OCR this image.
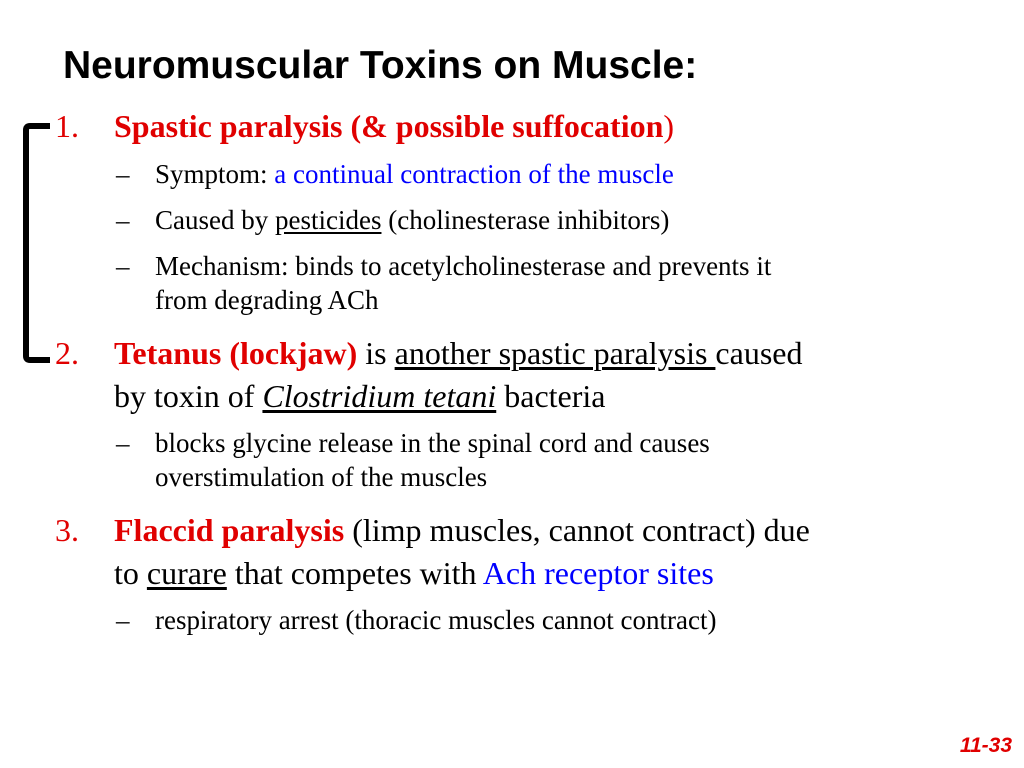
Neuromuscular Toxins on Muscle:
1. Spastic paralysis (& possible suffocation)
– Symptom: a continual contraction of the muscle
– Caused by pesticides (cholinesterase inhibitors)
– Mechanism: binds to acetylcholinesterase and prevents it
from degrading ACh
2. Tetanus (lockjaw) is another spastic paralysis caused
by toxin of Clostridium tetani bacteria
– blocks glycine release in the spinal cord and causes
overstimulation of the muscles
3. Flaccid paralysis (limp muscles, cannot contract) due
to curare that competes with Ach receptor sites
– respiratory arrest (thoracic muscles cannot contract)
11-33
